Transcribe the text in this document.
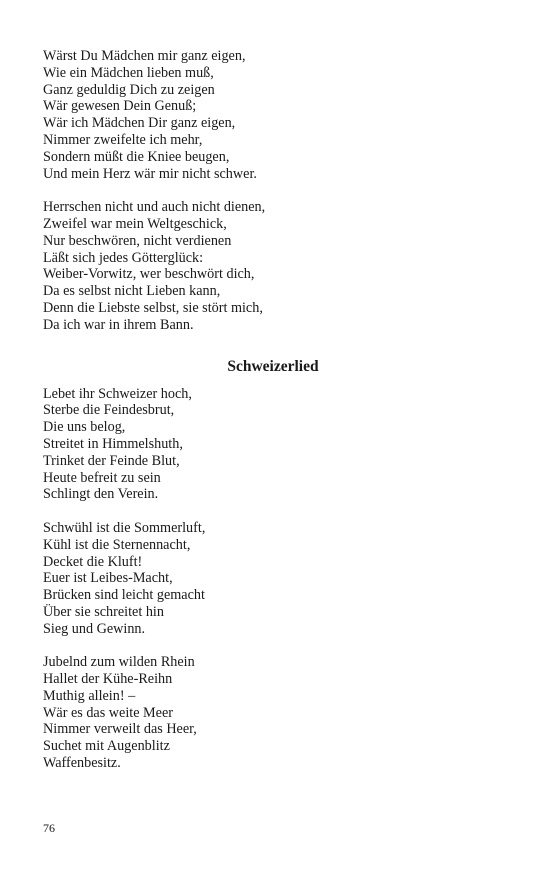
Wärst Du Mädchen mir ganz eigen,
Wie ein Mädchen lieben muß,
Ganz geduldig Dich zu zeigen
Wär gewesen Dein Genuß;
Wär ich Mädchen Dir ganz eigen,
Nimmer zweifelte ich mehr,
Sondern müßt die Kniee beugen,
Und mein Herz wär mir nicht schwer.
Herrschen nicht und auch nicht dienen,
Zweifel war mein Weltgeschick,
Nur beschwören, nicht verdienen
Läßt sich jedes Götterglück:
Weiber-Vorwitz, wer beschwört dich,
Da es selbst nicht Lieben kann,
Denn die Liebste selbst, sie stört mich,
Da ich war in ihrem Bann.
Schweizerlied
Lebet ihr Schweizer hoch,
Sterbe die Feindesbrut,
Die uns belog,
Streitet in Himmelshuth,
Trinket der Feinde Blut,
Heute befreit zu sein
Schlingt den Verein.
Schwühl ist die Sommerluft,
Kühl ist die Sternennacht,
Decket die Kluft!
Euer ist Leibes-Macht,
Brücken sind leicht gemacht
Über sie schreitet hin
Sieg und Gewinn.
Jubelnd zum wilden Rhein
Hallet der Kühe-Reihn
Muthig allein! –
Wär es das weite Meer
Nimmer verweilt das Heer,
Suchet mit Augenblitz
Waffenbesitz.
76
